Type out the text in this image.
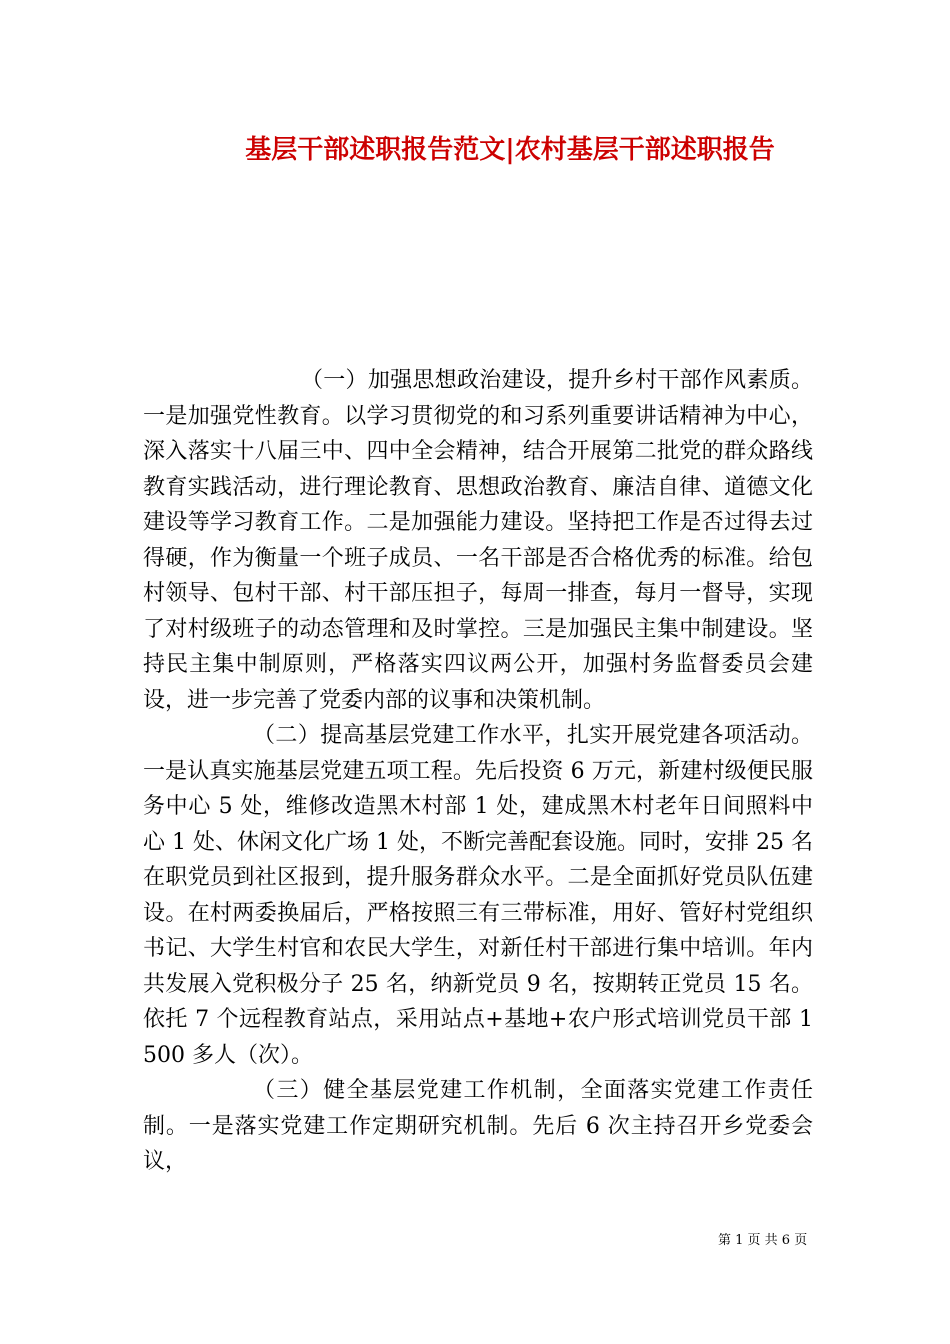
基层干部述职报告范文|农村基层干部述职报告

（一）加强思想政治建设，提升乡村干部作风素质。一是加强党性教育。以学习贯彻党的和习系列重要讲话精神为中心，深入落实十八届三中、四中全会精神，结合开展第二批党的群众路线教育实践活动，进行理论教育、思想政治教育、廉洁自律、道德文化建设等学习教育工作。二是加强能力建设。坚持把工作是否过得去过得硬，作为衡量一个班子成员、一名干部是否合格优秀的标准。给包村领导、包村干部、村干部压担子，每周一排查，每月一督导，实现了对村级班子的动态管理和及时掌控。三是加强民主集中制建设。坚持民主集中制原则，严格落实四议两公开，加强村务监督委员会建设，进一步完善了党委内部的议事和决策机制。

（二）提高基层党建工作水平，扎实开展党建各项活动。一是认真实施基层党建五项工程。先后投资 6 万元，新建村级便民服务中心 5 处，维修改造黑木村部 1 处，建成黑木村老年日间照料中心 1 处、休闲文化广场 1 处，不断完善配套设施。同时，安排 25 名在职党员到社区报到，提升服务群众水平。二是全面抓好党员队伍建设。在村两委换届后，严格按照三有三带标准，用好、管好村党组织书记、大学生村官和农民大学生，对新任村干部进行集中培训。年内共发展入党积极分子 25 名，纳新党员 9 名，按期转正党员 15 名。依托 7 个远程教育站点，采用站点+基地+农户形式培训党员干部 1500 多人（次）。

（三）健全基层党建工作机制，全面落实党建工作责任制。一是落实党建工作定期研究机制。先后 6 次主持召开乡党委会议，

第 1 页 共 6 页
